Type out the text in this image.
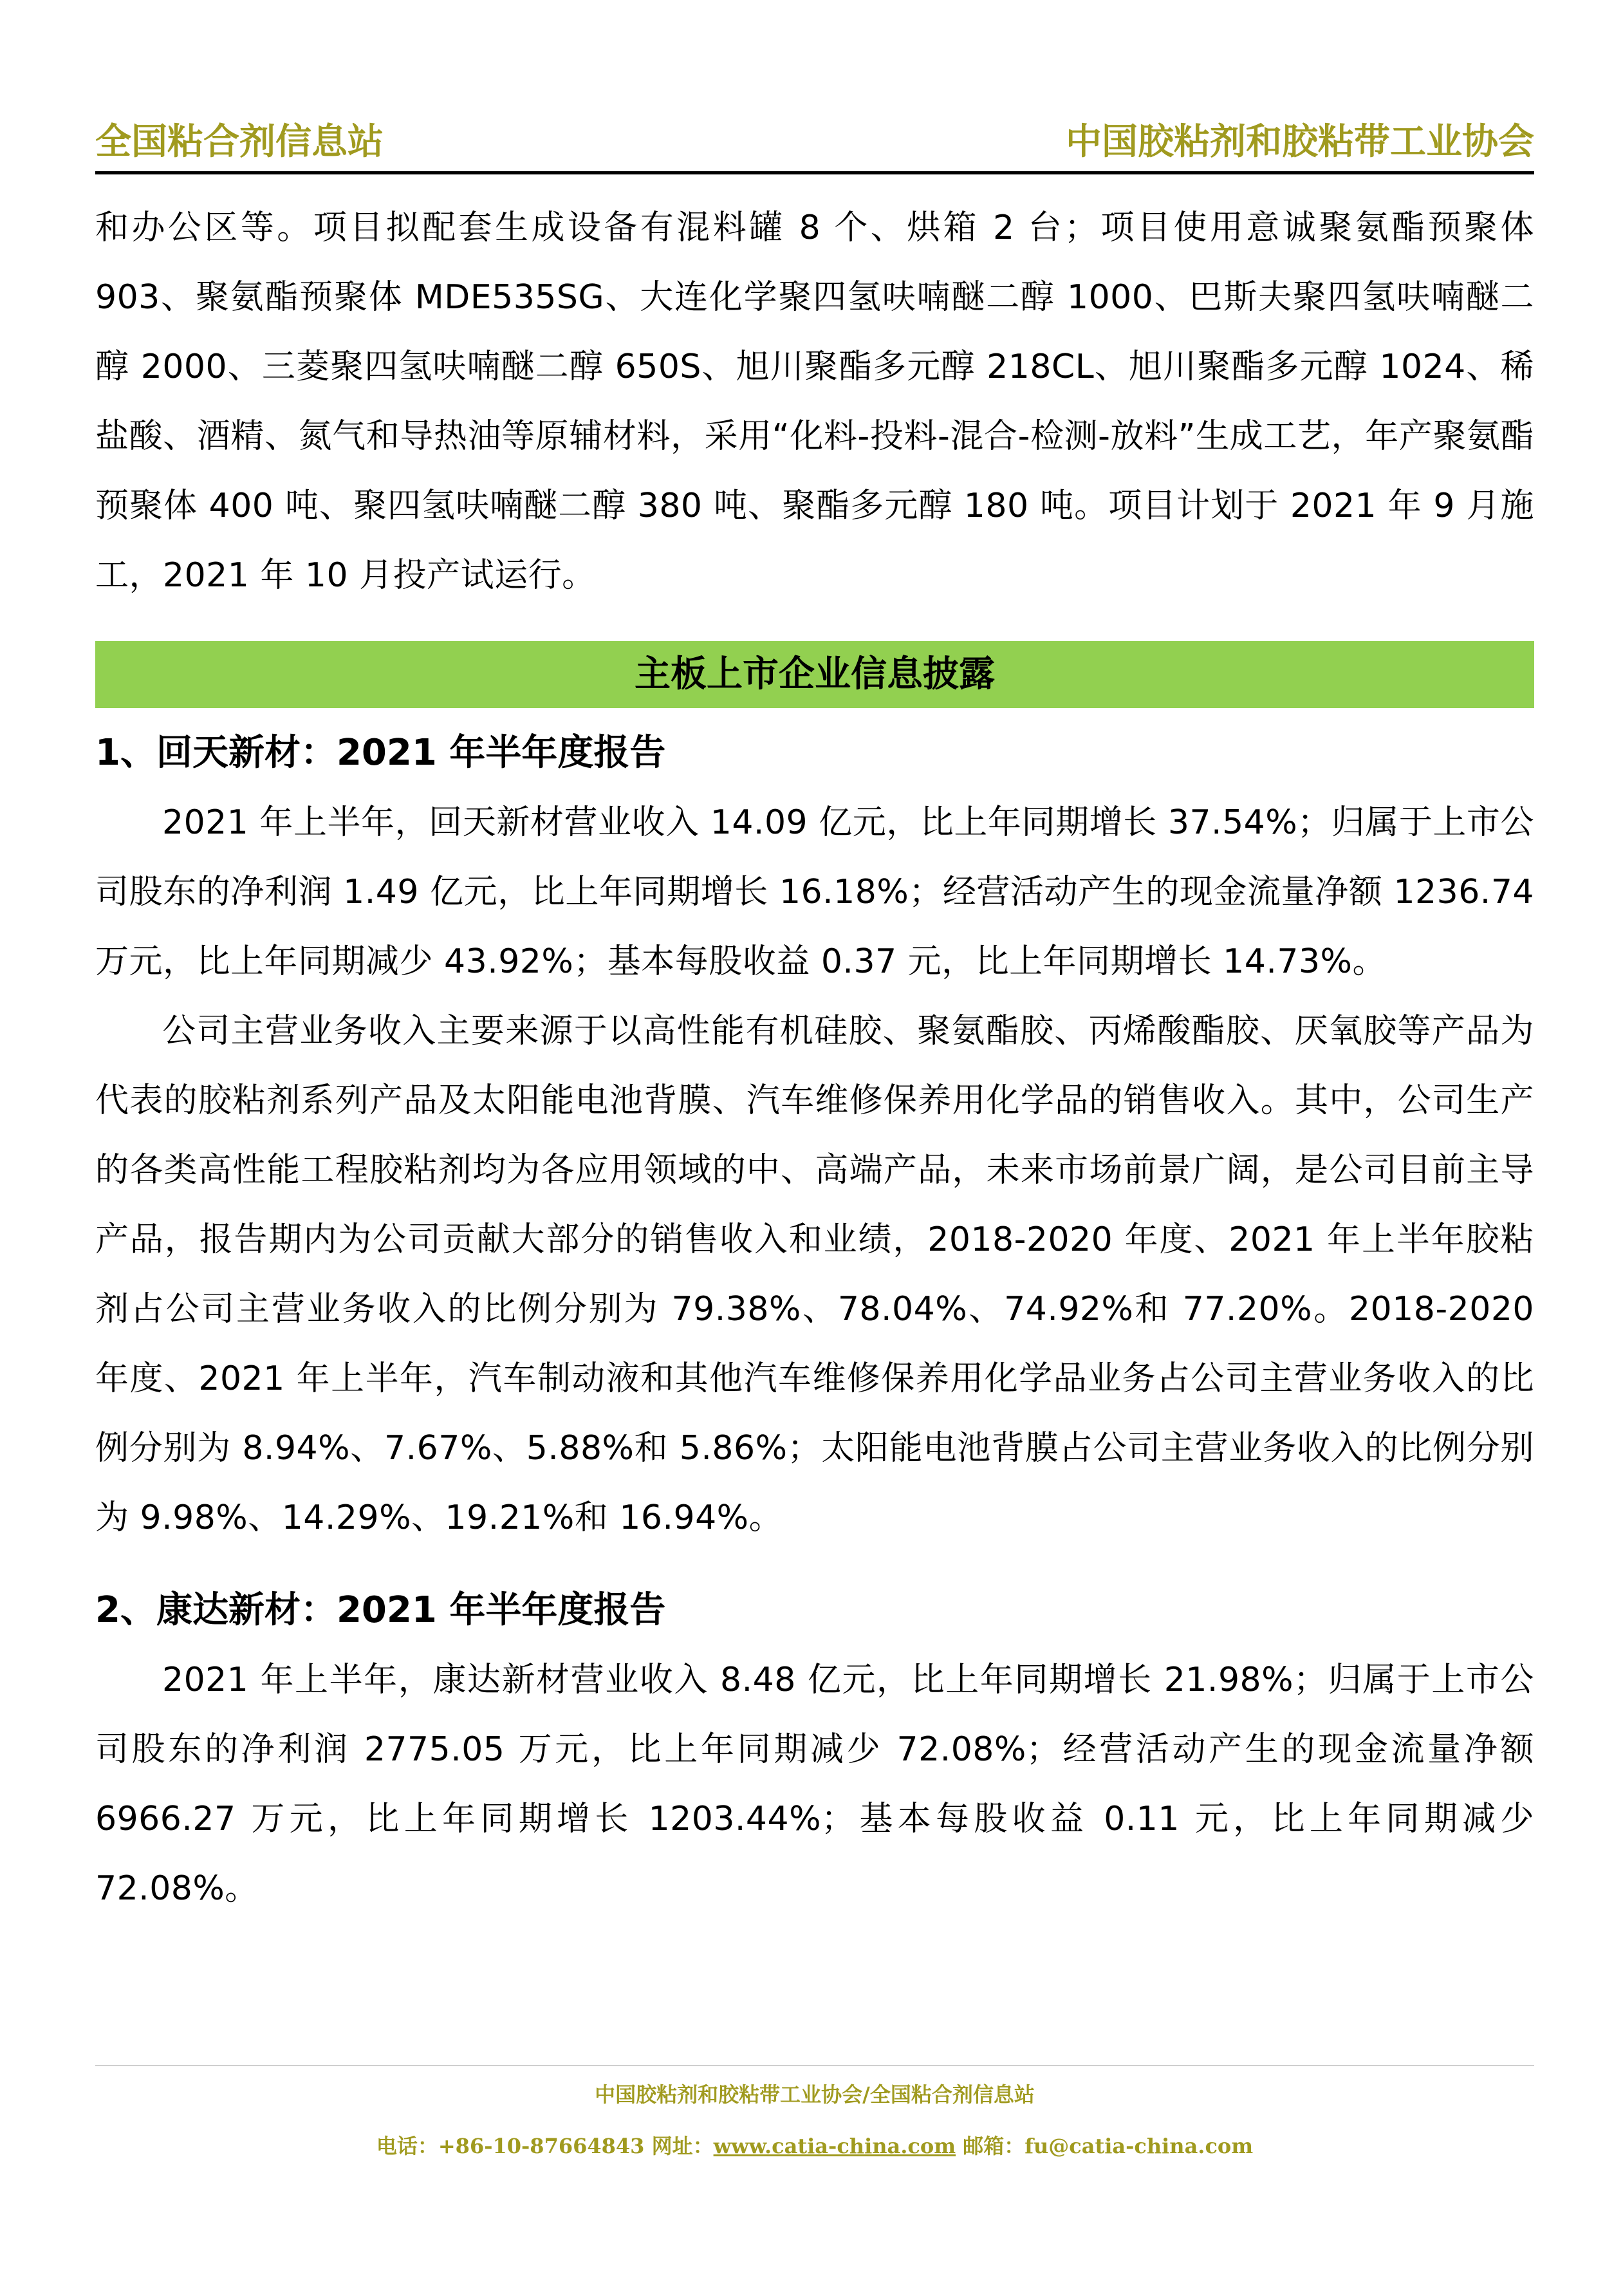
全国粘合剂信息站	中国胶粘剂和胶粘带工业协会

和办公区等。项目拟配套生成设备有混料罐 8 个、烘箱 2 台；项目使用意诚聚氨酯预聚体 903、聚氨酯预聚体 MDE535SG、大连化学聚四氢呋喃醚二醇 1000、巴斯夫聚四氢呋喃醚二醇 2000、三菱聚四氢呋喃醚二醇 650S、旭川聚酯多元醇 218CL、旭川聚酯多元醇 1024、稀盐酸、酒精、氮气和导热油等原辅材料，采用“化料-投料-混合-检测-放料”生成工艺，年产聚氨酯预聚体 400 吨、聚四氢呋喃醚二醇 380 吨、聚酯多元醇 180 吨。项目计划于 2021 年 9 月施工，2021 年 10 月投产试运行。

主板上市企业信息披露
1、回天新材：2021 年半年度报告

2021 年上半年，回天新材营业收入 14.09 亿元，比上年同期增长 37.54%；归属于上市公司股东的净利润 1.49 亿元，比上年同期增长 16.18%；经营活动产生的现金流量净额 1236.74 万元，比上年同期减少 43.92%；基本每股收益 0.37 元，比上年同期增长 14.73%。

公司主营业务收入主要来源于以高性能有机硅胶、聚氨酯胶、丙烯酸酯胶、厌氧胶等产品为代表的胶粘剂系列产品及太阳能电池背膜、汽车维修保养用化学品的销售收入。其中，公司生产的各类高性能工程胶粘剂均为各应用领域的中、高端产品，未来市场前景广阔，是公司目前主导产品，报告期内为公司贡献大部分的销售收入和业绩，2018-2020 年度、2021 年上半年胶粘剂占公司主营业务收入的比例分别为 79.38%、78.04%、74.92%和 77.20%。2018-2020 年度、2021 年上半年，汽车制动液和其他汽车维修保养用化学品业务占公司主营业务收入的比例分别为 8.94%、7.67%、5.88%和 5.86%；太阳能电池背膜占公司主营业务收入的比例分别为 9.98%、14.29%、19.21%和 16.94%。

2、康达新材：2021 年半年度报告

2021 年上半年，康达新材营业收入 8.48 亿元，比上年同期增长 21.98%；归属于上市公司股东的净利润 2775.05 万元，比上年同期减少 72.08%；经营活动产生的现金流量净额 6966.27 万元，比上年同期增长 1203.44%；基本每股收益 0.11 元，比上年同期减少 72.08%。

中国胶粘剂和胶粘带工业协会/全国粘合剂信息站
电话：+86-10-87664843 网址：www.catia-china.com 邮箱：fu@catia-china.com
